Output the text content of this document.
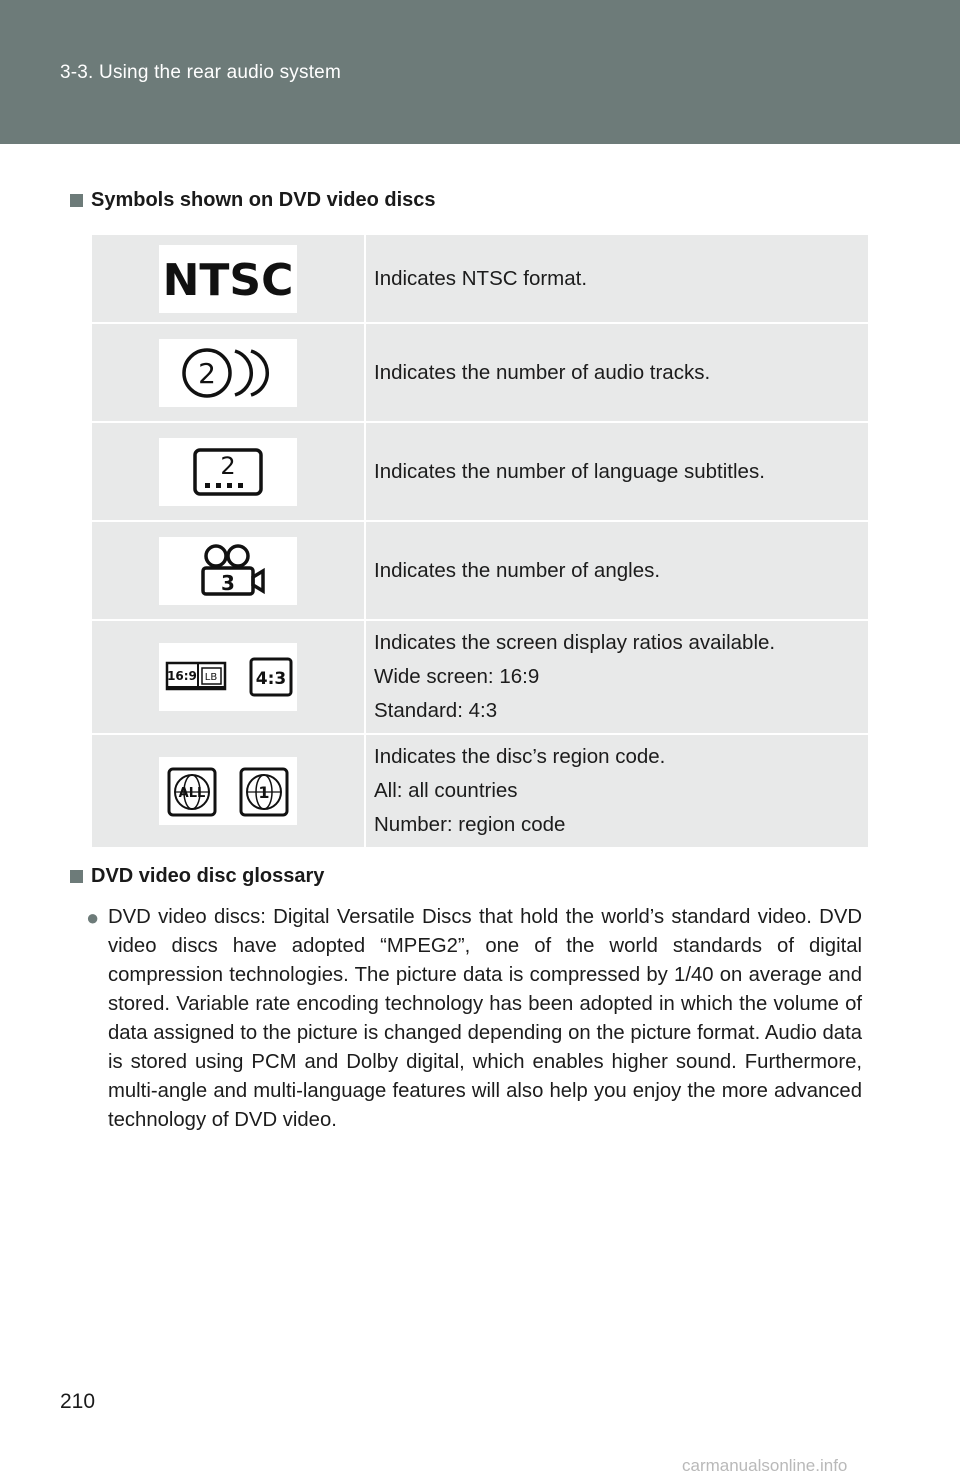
3-3. Using the rear audio system
Symbols shown on DVD video discs
NTSC	Indicates NTSC format.

2	Indicates the number of audio tracks.

2	Indicates the number of language subtitles.

3	Indicates the number of angles.

16:9 LB 4:3	Indicates the screen display ratios available.
Wide screen: 16:9
Standard: 4:3

ALL 1	Indicates the disc’s region code.
All: all countries
Number: region code
DVD video disc glossary
● DVD video discs: Digital Versatile Discs that hold the world’s standard video. DVD video discs have adopted “MPEG2”, one of the world standards of digital compression technologies. The picture data is compressed by 1/40 on average and stored. Variable rate encoding technology has been adopted in which the volume of data assigned to the picture is changed depending on the picture format. Audio data is stored using PCM and Dolby digital, which enables higher sound. Furthermore, multi-angle and multi-language features will also help you enjoy the more advanced technology of DVD video.
210
carmanualsonline.info
